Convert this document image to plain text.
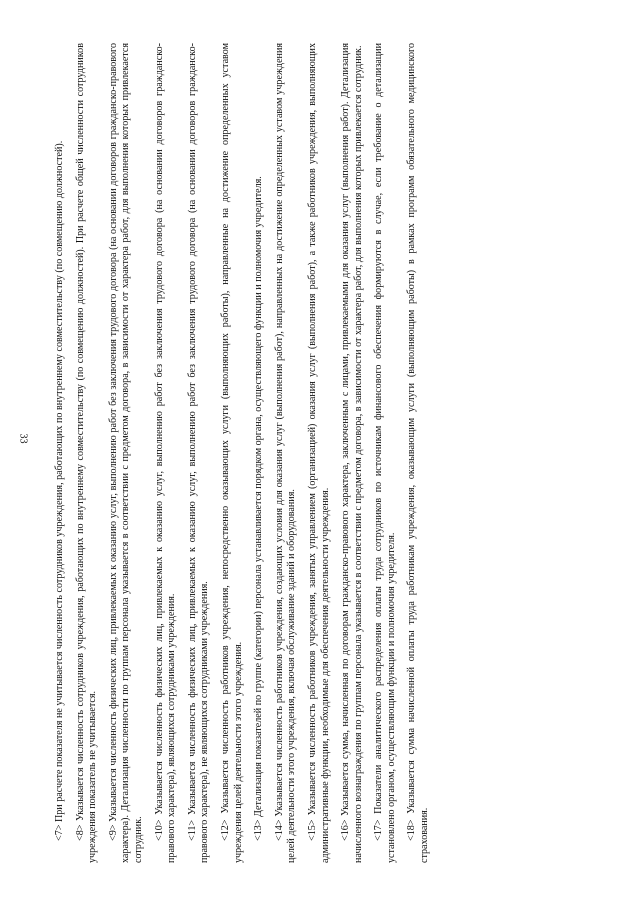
33	<7> При расчете показателя не учитывается численность сотрудников учреждения, работающих по внутреннему совместительству (по совмещению должностей). <8> Указывается численность сотрудников учреждения, работающих по внутреннему совместительству (по совмещению должностей). При расчете общей численности сотрудников учреждения показатель не учитывается. <9> Указывается численность физических лиц, привлекаемых к оказанию услуг, выполнению работ без заключения трудового договора (на основании договоров гражданско-правового характера). Детализация численности по группам персонала указывается в соответствии с предметом договора, в зависимости от характера работ, для выполнения которых привлекается сотрудник. <10> Указывается численность физических лиц, привлекаемых к оказанию услуг, выполнению работ без заключения трудового договора (на основании договоров гражданско-правового характера), являющихся сотрудниками учреждения. <11> Указывается численность физических лиц, привлекаемых к оказанию услуг, выполнению работ без заключения трудового договора (на основании договоров гражданско-правового характера), не являющихся сотрудниками учреждения. <12> Указывается численность работников учреждения, непосредственно оказывающих услуги (выполняющих работы), направленные на достижение определенных уставом учреждения целей деятельности этого учреждения. <13> Детализация показателей по группе (категории) персонала устанавливается порядком органа, осуществляющего функции и полномочия учредителя. <14> Указывается численность работников учреждения, создающих условия для оказания услуг (выполнения работ), направленных на достижение определенных уставом учреждения целей деятельности этого учреждения, включая обслуживание зданий и оборудования. <15> Указывается численность работников учреждения, занятых управлением (организацией) оказания услуг (выполнения работ), а также работников учреждения, выполняющих административные функции, необходимые для обеспечения деятельности учреждения. <16> Указывается сумма, начисленная по договорам гражданско-правового характера, заключенным с лицами, привлекаемыми для оказания услуг (выполнения работ). Детализация начисленного вознаграждения по группам персонала указывается в соответствии с предметом договора, в зависимости от характера работ, для выполнения которых привлекается сотрудник. <17> Показатели аналитического распределения оплаты труда сотрудников по источникам финансового обеспечения формируются в случае, если требование о детализации установлено органом, осуществляющим функции и полномочия учредителя. <18> Указывается сумма начисленной оплаты труда работникам учреждения, оказывающим услуги (выполняющим работы) в рамках программ обязательного медицинского страхования.
